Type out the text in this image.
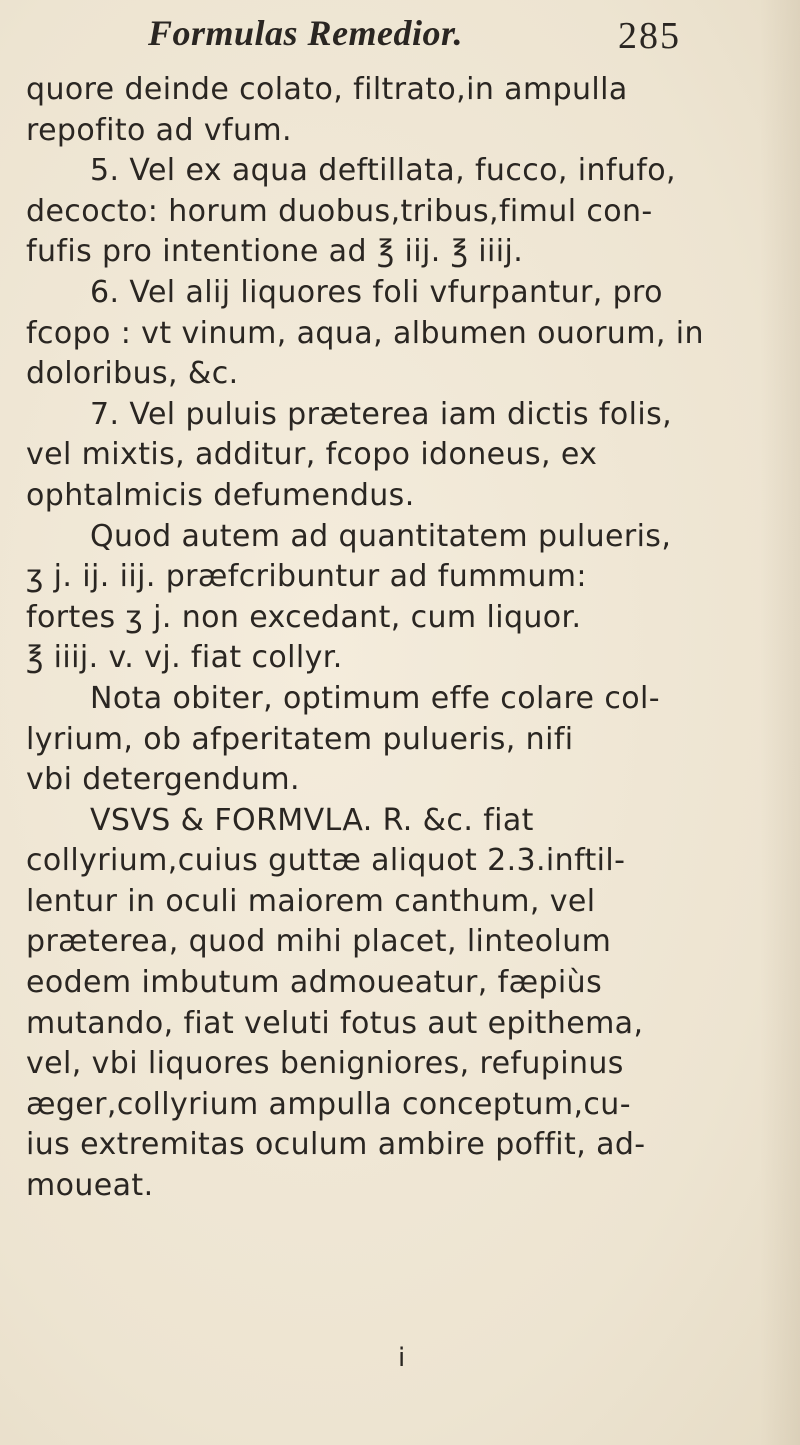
Formulas Remedior.	285
quore deinde colato, filtrato,in ampulla
repofito ad vfum.
5. Vel ex aqua deftillata, fucco, infufo,
decocto: horum duobus,tribus,fimul con-
fufis pro intentione ad ℥ iij. ℥ iiij.
6. Vel alij liquores foli vfurpantur, pro
fcopo : vt vinum, aqua, albumen ouorum, in
doloribus, &c.
7. Vel puluis præterea iam dictis folis,
vel mixtis, additur, fcopo idoneus, ex
ophtalmicis defumendus.
Quod autem ad quantitatem pulueris,
ʒ j. ij. iij. præfcribuntur ad fummum:
fortes ʒ j. non excedant, cum liquor.
℥ iiij. v. vj. fiat collyr.
Nota obiter, optimum effe colare col-
lyrium, ob afperitatem pulueris, nifi
vbi detergendum.
VSVS & FORMVLA. R. &c. fiat
collyrium,cuius guttæ aliquot 2.3.inftil-
lentur in oculi maiorem canthum, vel
præterea, quod mihi placet, linteolum
eodem imbutum admoueatur, fæpiùs
mutando, fiat veluti fotus aut epithema,
vel, vbi liquores benigniores, refupinus
æger,collyrium ampulla conceptum,cu-
ius extremitas oculum ambire poffit, ad-
moueat.
i
